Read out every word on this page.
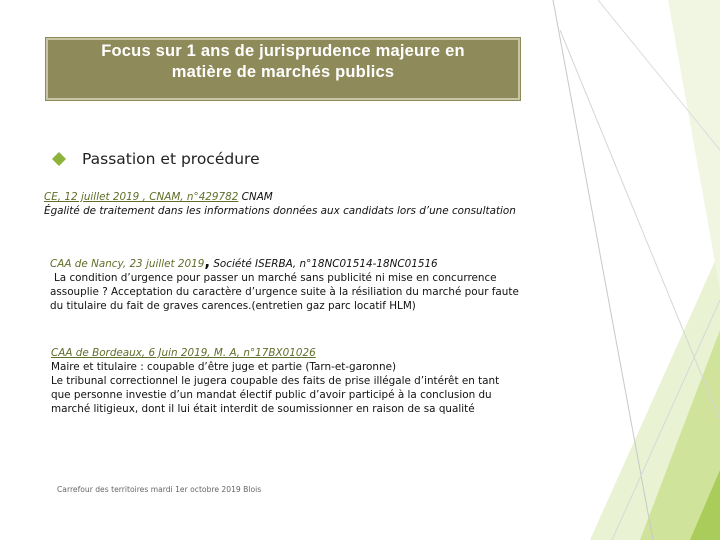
Focus sur 1 ans de jurisprudence majeure en
matière de marchés publics
Passation et procédure
CE, 12 juillet 2019 , CNAM, n°429782 CNAM
Égalité de traitement dans les informations données aux candidats lors d’une consultation
CAA de Nancy, 23 juillet 2019, Société ISERBA, n°18NC01514-18NC01516
La condition d’urgence pour passer un marché sans publicité ni mise en concurrence
assouplie ? Acceptation du caractère d’urgence suite à la résiliation du marché pour faute
du titulaire du fait de graves carences.(entretien gaz parc locatif HLM)
CAA de Bordeaux, 6 Juin 2019, M. A, n°17BX01026
Maire et titulaire : coupable d’être juge et partie (Tarn-et-garonne)
Le tribunal correctionnel le jugera coupable des faits de prise illégale d’intérêt en tant
que personne investie d’un mandat électif public d’avoir participé à la conclusion du
marché litigieux, dont il lui était interdit de soumissionner en raison de sa qualité
Carrefour des territoires mardi 1er octobre 2019 Blois
